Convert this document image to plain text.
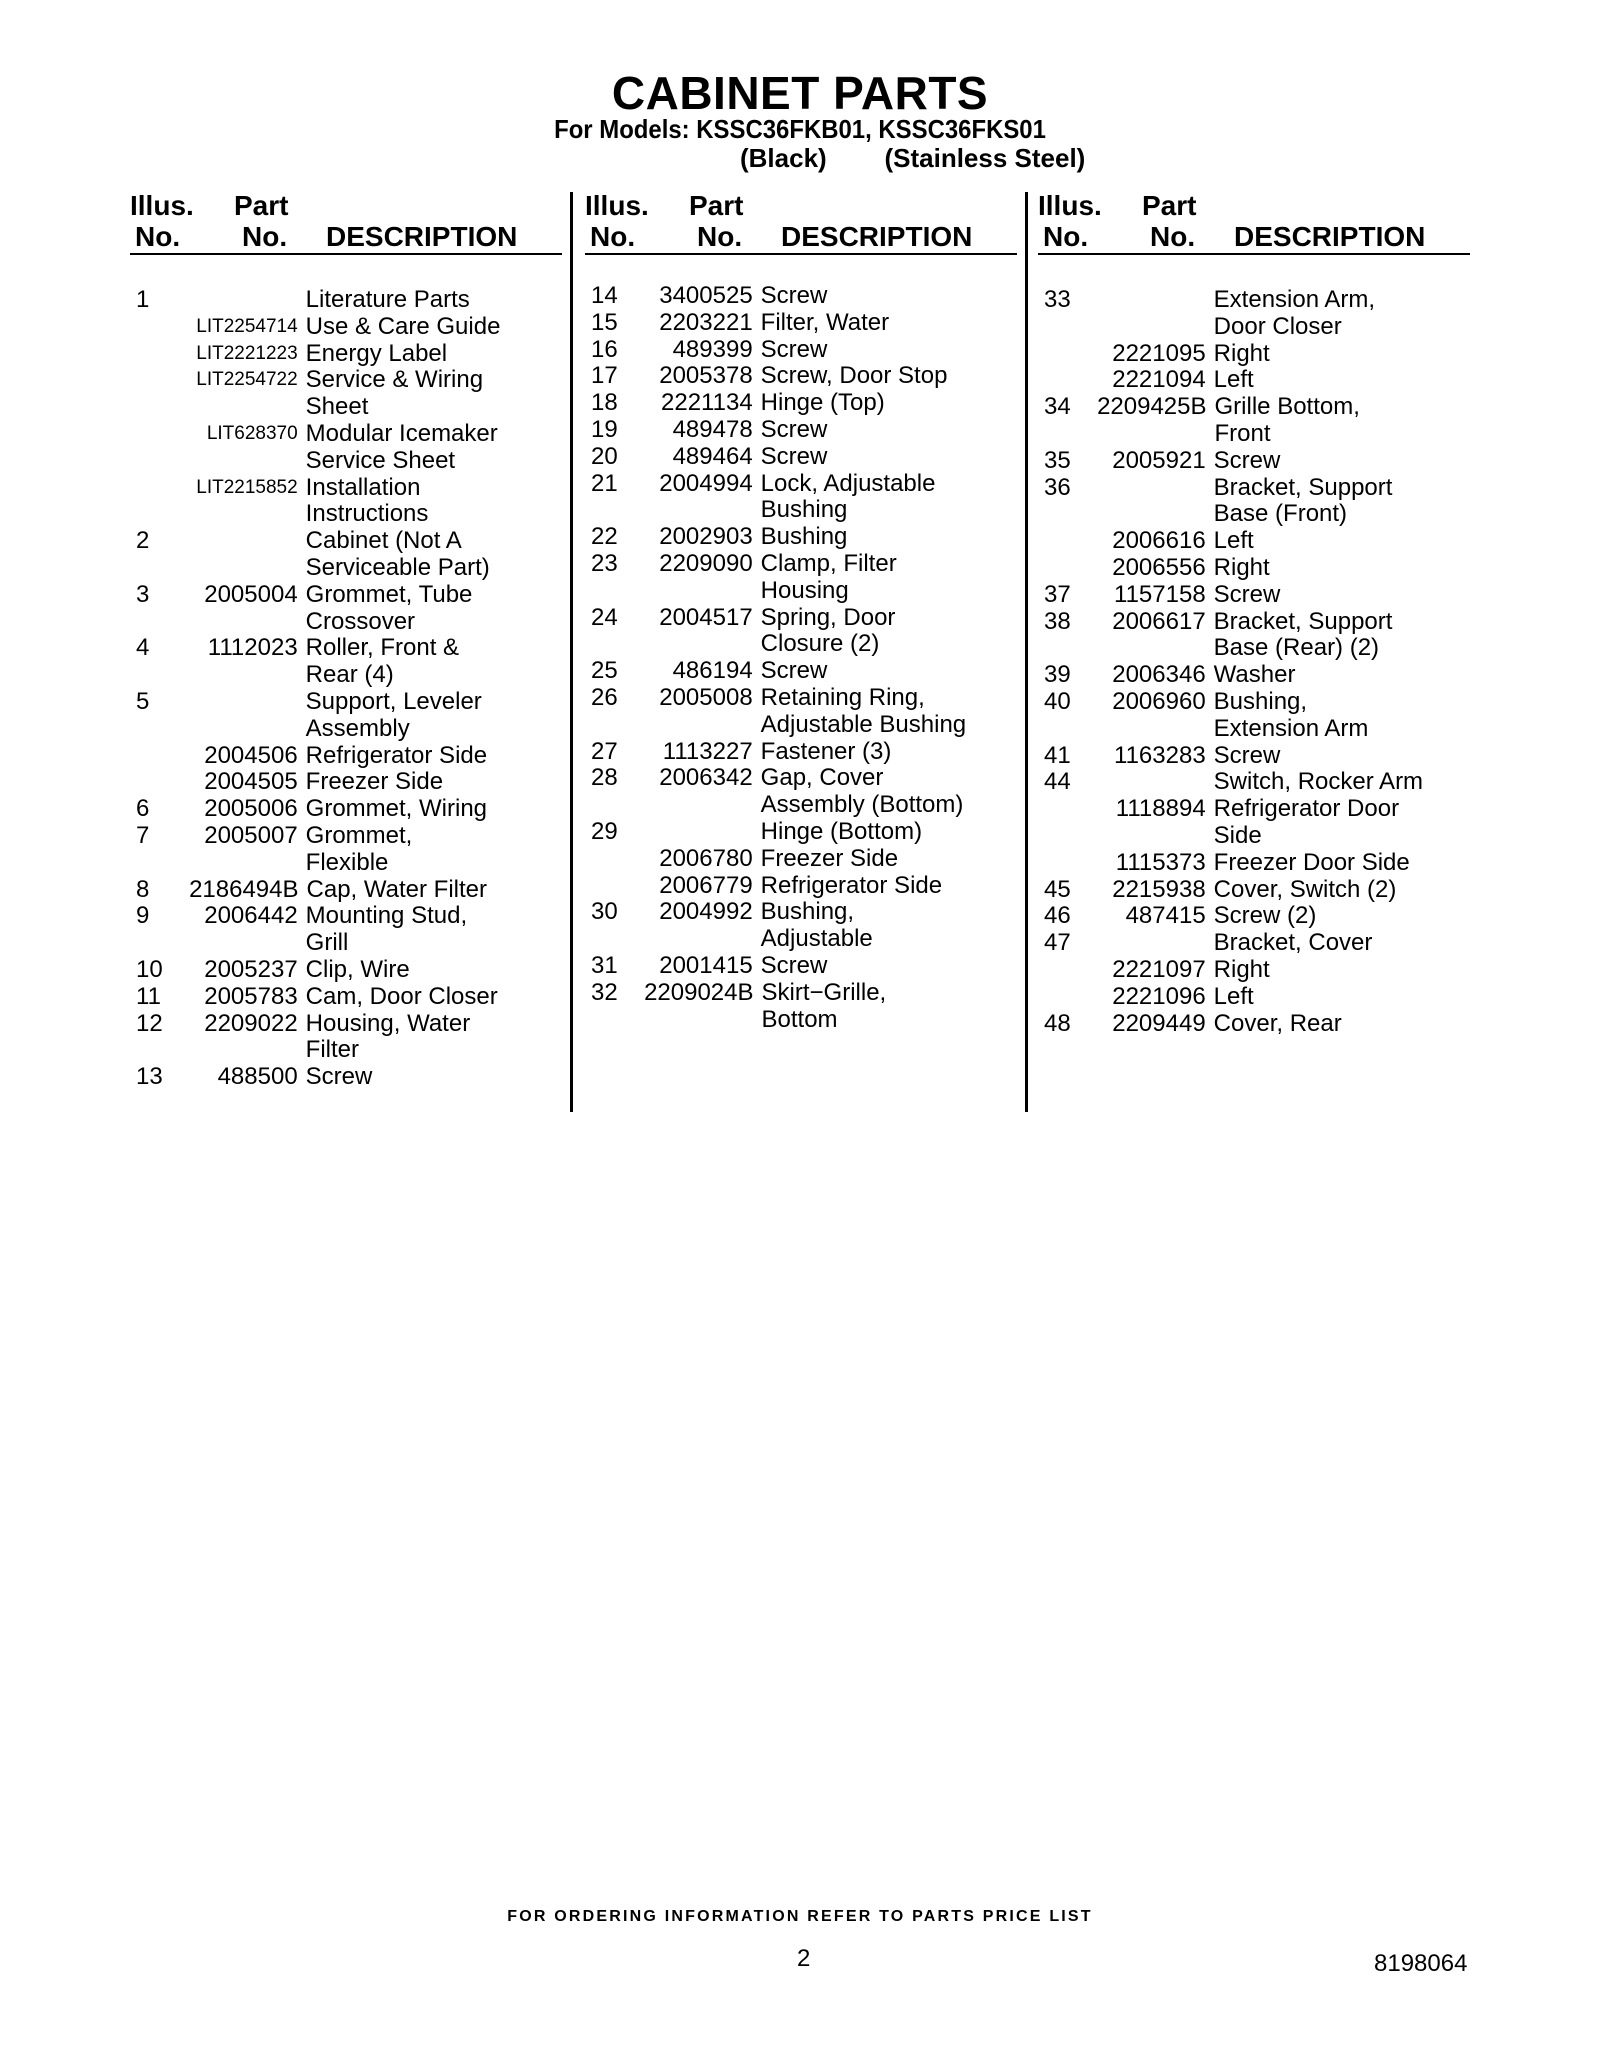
CABINET PARTS
For Models: KSSC36FKB01, KSSC36FKS01
(Black)        (Stainless Steel)
Illus.
No.
Part
No. DESCRIPTION
1	Literature Parts
LIT2254714 Use & Care Guide
LIT2221223 Energy Label
LIT2254722 Service & Wiring
Sheet
LIT628370 Modular Icemaker
Service Sheet
LIT2215852 Installation
Instructions
2	Cabinet (Not A
Serviceable Part)
3	2005004 Grommet, Tube
Crossover
4	1112023 Roller, Front &
Rear (4)
5	Support, Leveler
Assembly
2004506 Refrigerator Side
2004505 Freezer Side
6	2005006 Grommet, Wiring
7	2005007 Grommet,
Flexible
8	2186494B Cap, Water Filter
9	2006442 Mounting Stud,
Grill
10	2005237 Clip, Wire
11	2005783 Cam, Door Closer
12	2209022 Housing, Water
Filter
13	488500 Screw
Illus.
No.
Part
No. DESCRIPTION
14	3400525 Screw
15	2203221 Filter, Water
16	489399 Screw
17	2005378 Screw, Door Stop
18	2221134 Hinge (Top)
19	489478 Screw
20	489464 Screw
21	2004994 Lock, Adjustable
Bushing
22	2002903 Bushing
23	2209090 Clamp, Filter
Housing
24	2004517 Spring, Door
Closure (2)
25	486194 Screw
26	2005008 Retaining Ring,
Adjustable Bushing
27	1113227 Fastener (3)
28	2006342 Gap, Cover
Assembly (Bottom)
29	Hinge (Bottom)
2006780 Freezer Side
2006779 Refrigerator Side
30	2004992 Bushing,
Adjustable
31	2001415 Screw
32	2209024B Skirt−Grille,
Bottom
Illus.
No.
Part
No. DESCRIPTION
33	Extension Arm,
Door Closer
2221095 Right
2221094 Left
34	2209425B Grille Bottom,
Front
35	2005921 Screw
36	Bracket, Support
Base (Front)
2006616 Left
2006556 Right
37	1157158 Screw
38	2006617 Bracket, Support
Base (Rear) (2)
39	2006346 Washer
40	2006960 Bushing,
Extension Arm
41	1163283 Screw
44	Switch, Rocker Arm
1118894 Refrigerator Door
Side
1115373 Freezer Door Side
45	2215938 Cover, Switch (2)
46	487415 Screw (2)
47	Bracket, Cover
2221097 Right
2221096 Left
48	2209449 Cover, Rear
FOR ORDERING INFORMATION REFER TO PARTS PRICE LIST
2	8198064
